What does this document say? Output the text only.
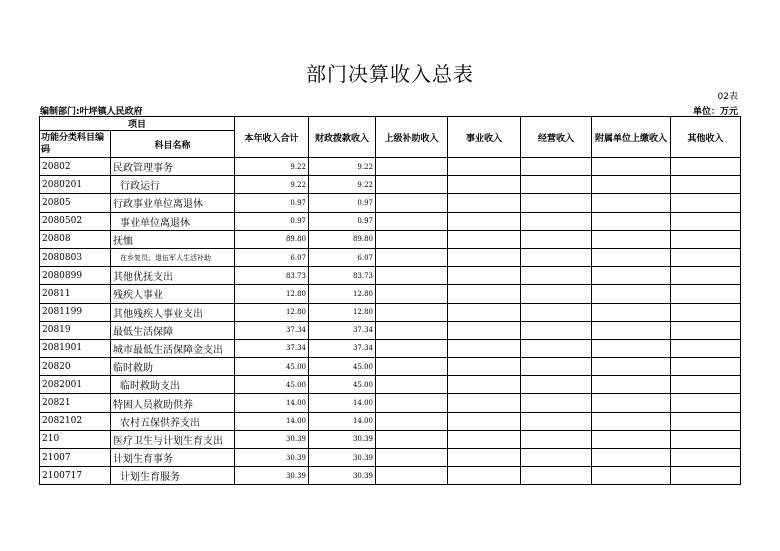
部门决算收入总表
02表
编制部门:叶坪镇人民政府	单位：万元
项目		本年收入合计	财政拨款收入	上级补助收入	事业收入	经营收入	附属单位上缴收入	其他收入
功能分类科目编码	科目名称							
20802	民政管理事务	9.22	9.22					
2080201	行政运行	9.22	9.22					
20805	行政事业单位离退休	0.97	0.97					
2080502	事业单位离退休	0.97	0.97					
20808	抚恤	89.80	89.80					
2080803	在乡复员、退伍军人生活补助	6.07	6.07					
2080899	其他优抚支出	83.73	83.73					
20811	残疾人事业	12.80	12.80					
2081199	其他残疾人事业支出	12.80	12.80					
20819	最低生活保障	37.34	37.34					
2081901	城市最低生活保障金支出	37.34	37.34					
20820	临时救助	45.00	45.00					
2082001	临时救助支出	45.00	45.00					
20821	特困人员救助供养	14.00	14.00					
2082102	农村五保供养支出	14.00	14.00					
210	医疗卫生与计划生育支出	30.39	30.39					
21007	计划生育事务	30.39	30.39					
2100717	计划生育服务	30.39	30.39					
